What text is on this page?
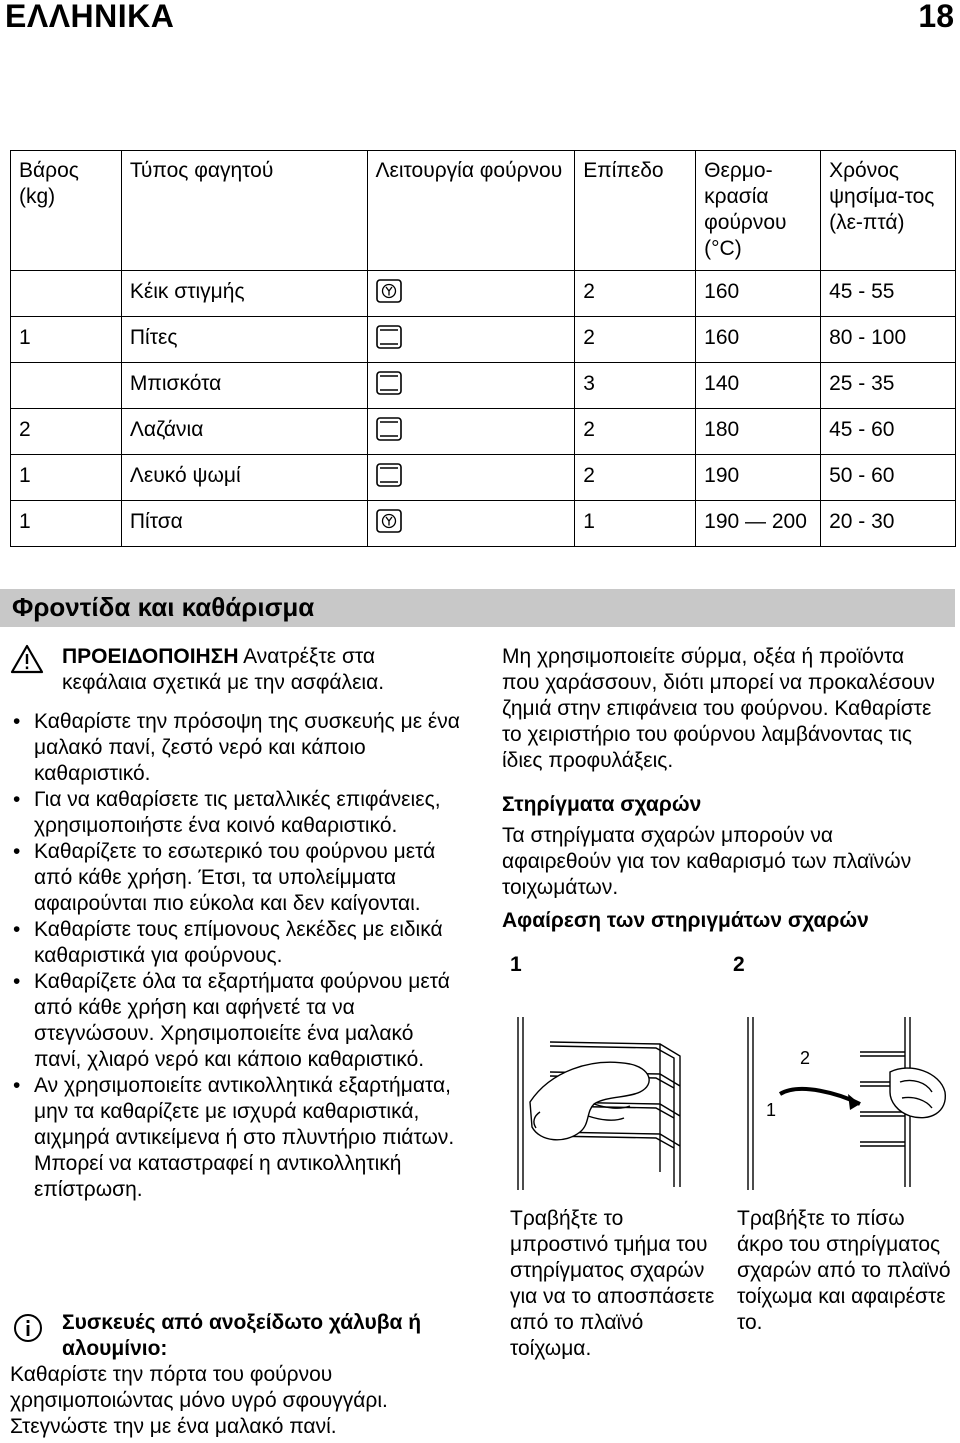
ΕΛΛΗΝΙΚΑ	18
Βάρος (kg)	Τύπος φαγητού	Λειτουργία φούρνου	Επίπεδο	Θερμο-κρασία φούρνου (°C)	Χρόνος ψησίμα-τος (λε-πτά)
	Κέικ στιγμής		2	160	45 - 55
1	Πίτες		2	160	80 - 100
	Μπισκότα		3	140	25 - 35
2	Λαζάνια		2	180	45 - 60
1	Λευκό ψωμί		2	190	50 - 60
1	Πίτσα		1	190 — 200	20 - 30
Φροντίδα και καθάρισμα
ΠΡΟΕΙΔΟΠΟΙΗΣΗ Ανατρέξτε στα κεφάλαια σχετικά με την ασφάλεια.
• Καθαρίστε την πρόσοψη της συσκευής με ένα μαλακό πανί, ζεστό νερό και κάποιο καθαριστικό.
• Για να καθαρίσετε τις μεταλλικές επιφάνειες, χρησιμοποιήστε ένα κοινό καθαριστικό.
• Καθαρίζετε το εσωτερικό του φούρνου μετά από κάθε χρήση. Έτσι, τα υπολείμματα αφαιρούνται πιο εύκολα και δεν καίγονται.
• Καθαρίστε τους επίμονους λεκέδες με ειδικά καθαριστικά για φούρνους.
• Καθαρίζετε όλα τα εξαρτήματα φούρνου μετά από κάθε χρήση και αφήνετέ τα να στεγνώσουν. Χρησιμοποιείτε ένα μαλακό πανί, χλιαρό νερό και κάποιο καθαριστικό.
• Αν χρησιμοποιείτε αντικολλητικά εξαρτήματα, μην τα καθαρίζετε με ισχυρά καθαριστικά, αιχμηρά αντικείμενα ή στο πλυντήριο πιάτων. Μπορεί να καταστραφεί η αντικολλητική επίστρωση.
Συσκευές από ανοξείδωτο χάλυβα ή αλουμίνιο:
Καθαρίστε την πόρτα του φούρνου χρησιμοποιώντας μόνο υγρό σφουγγάρι. Στεγνώστε την με ένα μαλακό πανί.
Μη χρησιμοποιείτε σύρμα, οξέα ή προϊόντα που χαράσσουν, διότι μπορεί να προκαλέσουν ζημιά στην επιφάνεια του φούρνου. Καθαρίστε το χειριστήριο του φούρνου λαμβάνοντας τις ίδιες προφυλάξεις.
Στηρίγματα σχαρών
Τα στηρίγματα σχαρών μπορούν να αφαιρεθούν για τον καθαρισμό των πλαϊνών τοιχωμάτων.
Αφαίρεση των στηριγμάτων σχαρών
1	2
2
1
Τραβήξτε το μπροστινό τμήμα του στηρίγματος σχαρών για να το αποσπάσετε από το πλαϊνό τοίχωμα.
Τραβήξτε το πίσω άκρο του στηρίγματος σχαρών από το πλαϊνό τοίχωμα και αφαιρέστε το.
